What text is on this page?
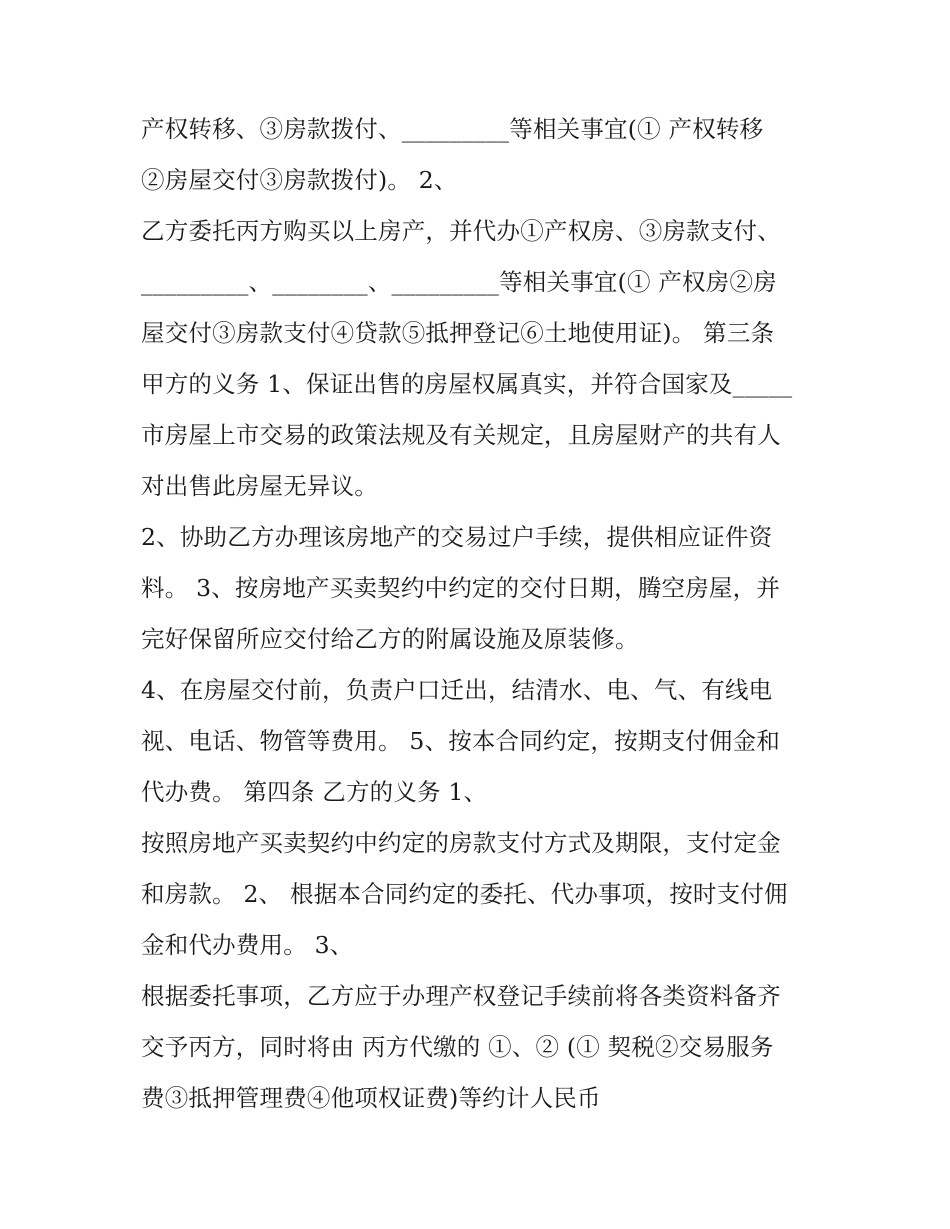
产权转移、③房款拨付、_________等相关事宜(① 产权转移
②房屋交付③房款拨付)。 2、
乙方委托丙方购买以上房产，并代办①产权房、③房款支付、
_________、________、_________等相关事宜(① 产权房②房
屋交付③房款支付④贷款⑤抵押登记⑥土地使用证)。 第三条
甲方的义务 1、保证出售的房屋权属真实，并符合国家及_____
市房屋上市交易的政策法规及有关规定，且房屋财产的共有人
对出售此房屋无异议。
2、协助乙方办理该房地产的交易过户手续，提供相应证件资
料。 3、按房地产买卖契约中约定的交付日期，腾空房屋，并
完好保留所应交付给乙方的附属设施及原装修。
4、在房屋交付前，负责户口迁出，结清水、电、气、有线电
视、电话、物管等费用。 5、按本合同约定，按期支付佣金和
代办费。 第四条 乙方的义务 1、
按照房地产买卖契约中约定的房款支付方式及期限，支付定金
和房款。 2、 根据本合同约定的委托、代办事项，按时支付佣
金和代办费用。 3、
根据委托事项，乙方应于办理产权登记手续前将各类资料备齐
交予丙方，同时将由 丙方代缴的 ①、② (① 契税②交易服务
费③抵押管理费④他项权证费)等约计人民币
